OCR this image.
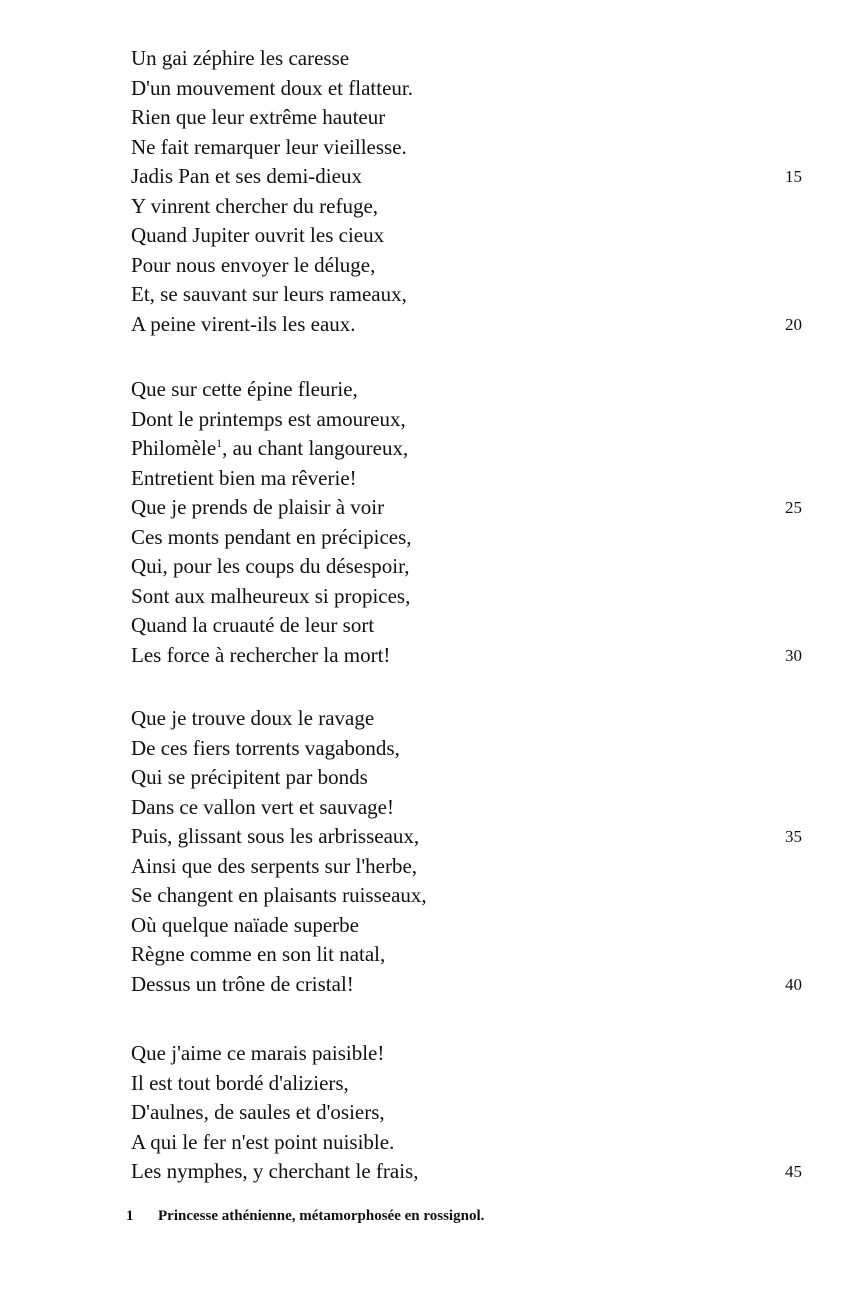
Un gai zéphire les caresse
D'un mouvement doux et flatteur.
Rien que leur extrême hauteur
Ne fait remarquer leur vieillesse.
Jadis Pan et ses demi-dieux	15
Y vinrent chercher du refuge,
Quand Jupiter ouvrit les cieux
Pour nous envoyer le déluge,
Et, se sauvant sur leurs rameaux,
A peine virent-ils les eaux.	20
Que sur cette épine fleurie,
Dont le printemps est amoureux,
Philomèle$^1$, au chant langoureux,
Entretient bien ma rêverie!
Que je prends de plaisir à voir	25
Ces monts pendant en précipices,
Qui, pour les coups du désespoir,
Sont aux malheureux si propices,
Quand la cruauté de leur sort
Les force à rechercher la mort!	30
Que je trouve doux le ravage
De ces fiers torrents vagabonds,
Qui se précipitent par bonds
Dans ce vallon vert et sauvage!
Puis, glissant sous les arbrisseaux,	35
Ainsi que des serpents sur l'herbe,
Se changent en plaisants ruisseaux,
Où quelque naïade superbe
Règne comme en son lit natal,
Dessus un trône de cristal!	40
Que j'aime ce marais paisible!
Il est tout bordé d'aliziers,
D'aulnes, de saules et d'osiers,
A qui le fer n'est point nuisible.
Les nymphes, y cherchant le frais,	45
1 Princesse athénienne, métamorphosée en rossignol.
